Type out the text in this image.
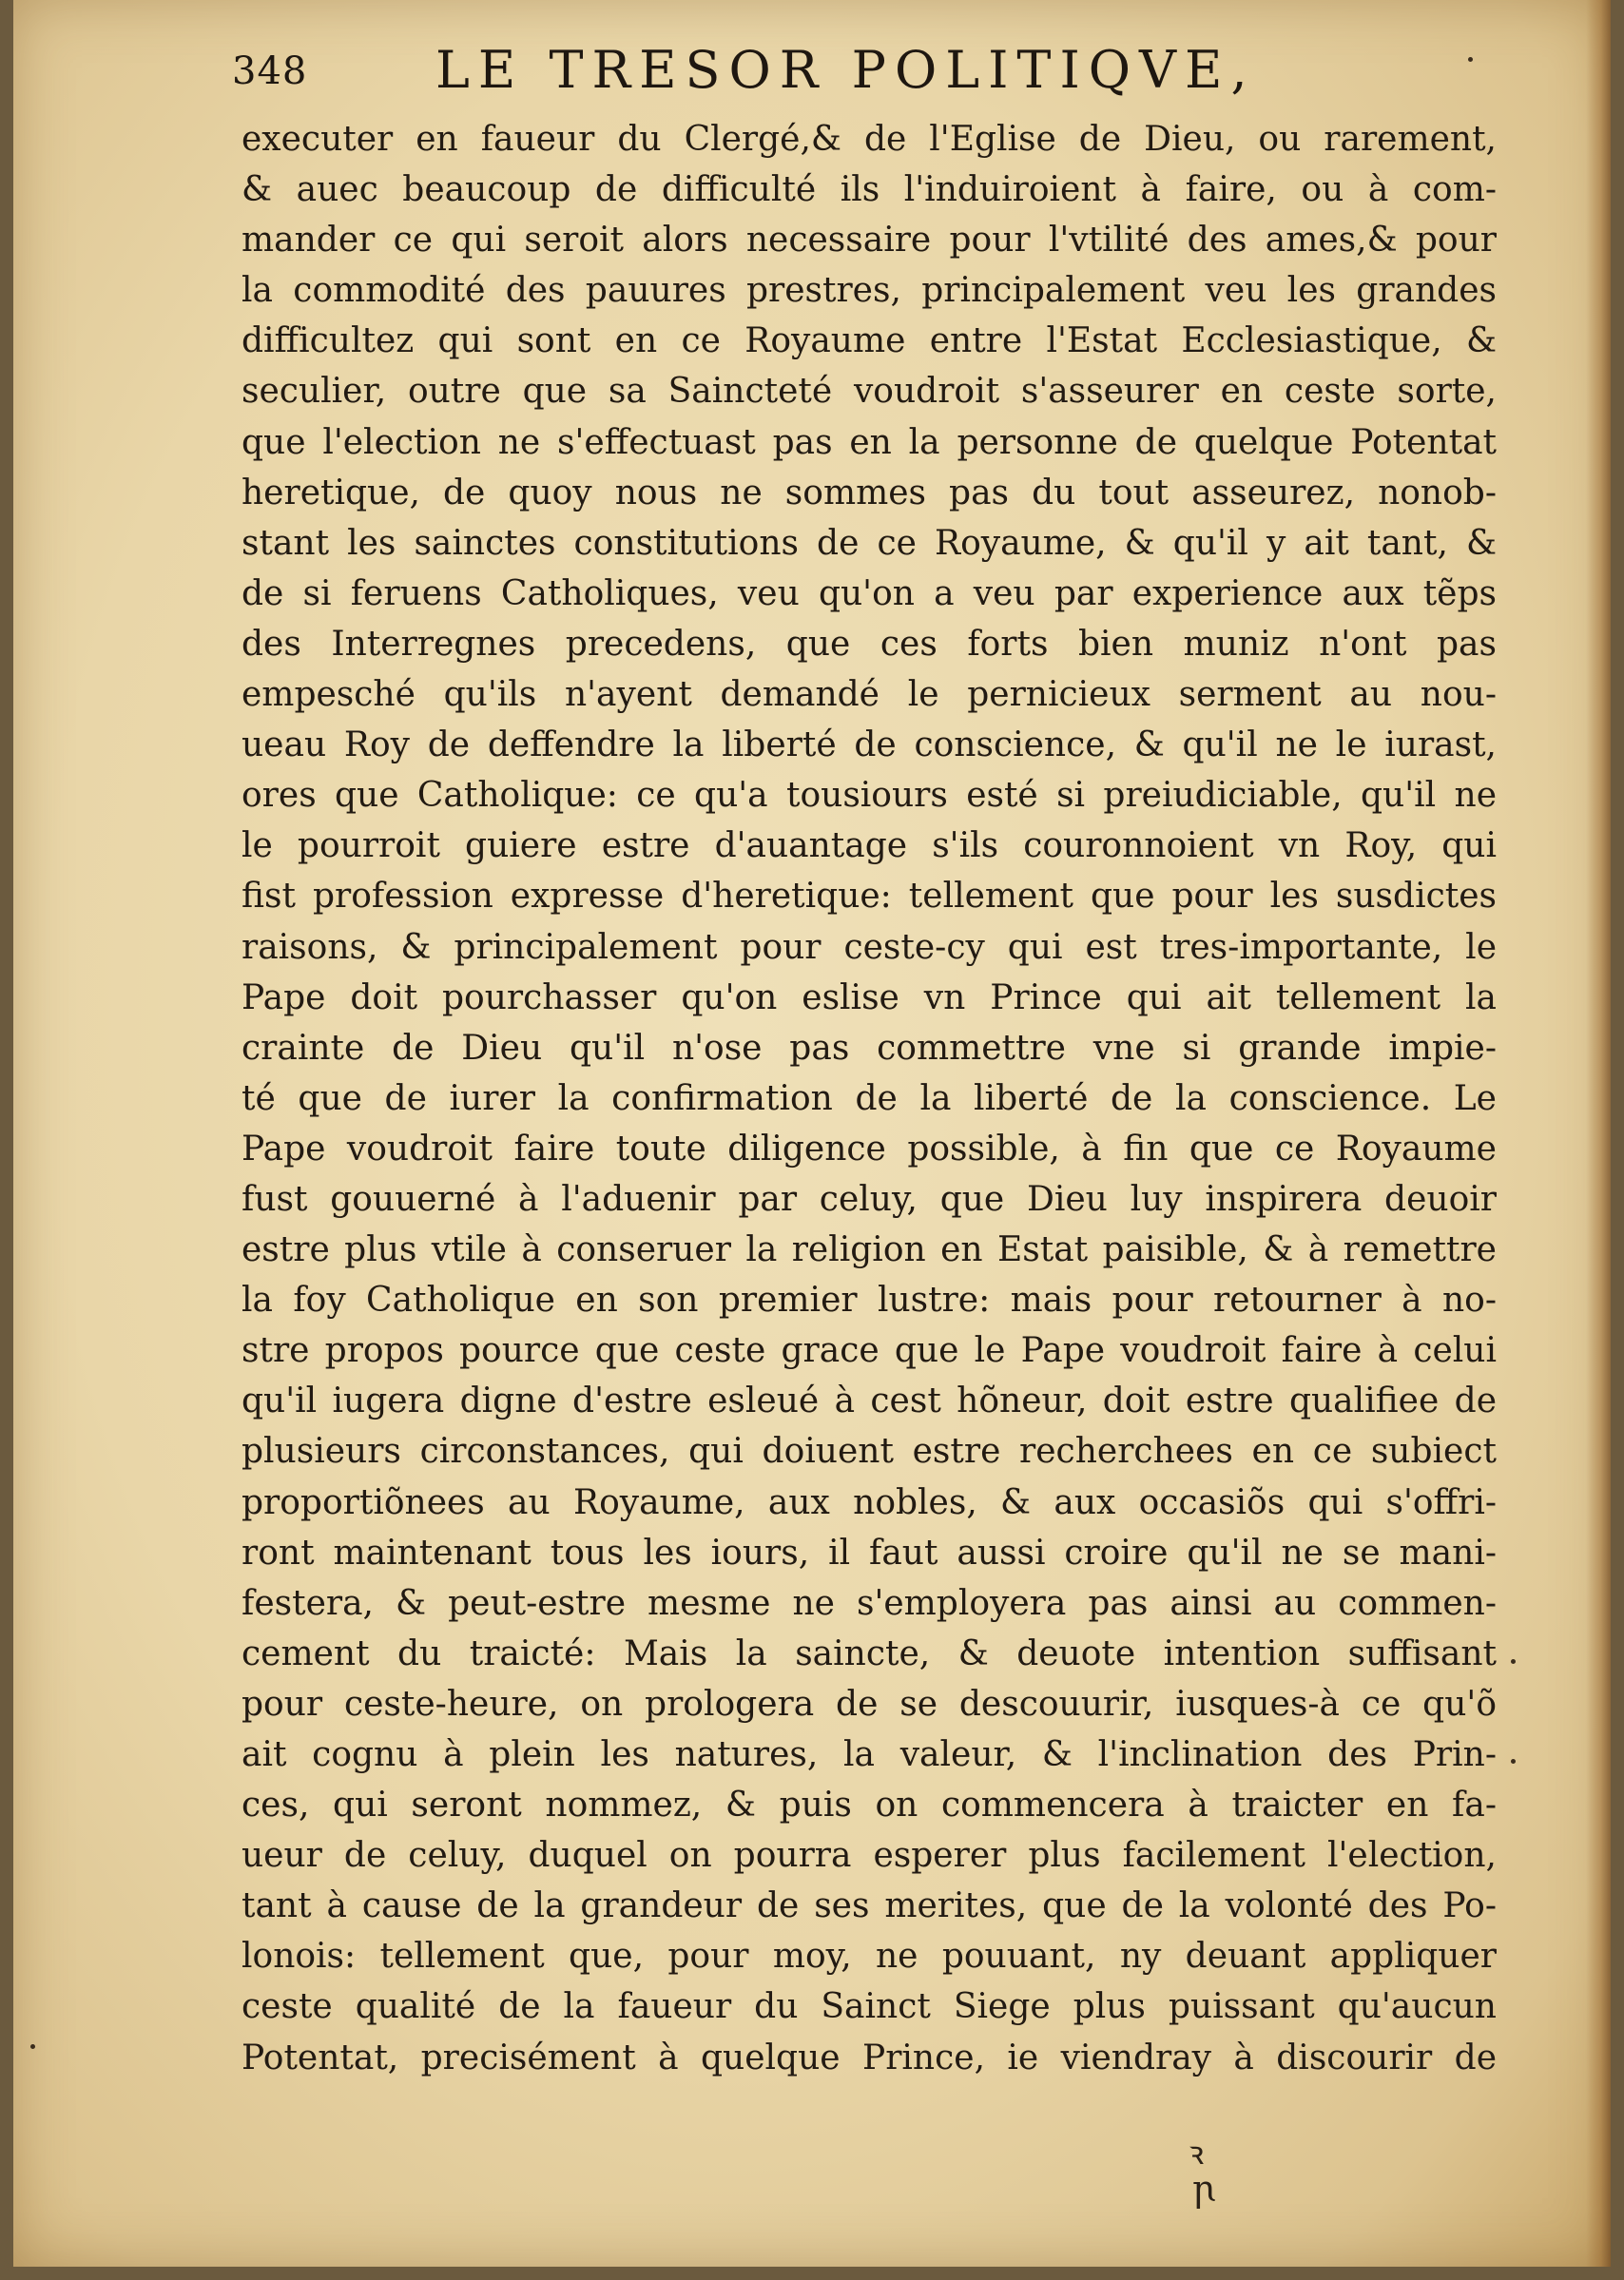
348 LE TRESOR POLITIQVE,
executer en faueur du Clergé,& de l'Eglise de Dieu, ou rarement,
& auec beaucoup de difficulté ils l'induiroient à faire, ou à com-
mander ce qui seroit alors necessaire pour l'vtilité des ames,& pour
la commodité des pauures prestres, principalement veu les grandes
difficultez qui sont en ce Royaume entre l'Estat Ecclesiastique, &
seculier, outre que sa Saincteté voudroit s'asseurer en ceste sorte,
que l'election ne s'effectuast pas en la personne de quelque Potentat
heretique, de quoy nous ne sommes pas du tout asseurez, nonob-
stant les sainctes constitutions de ce Royaume, & qu'il y ait tant, &
de si feruens Catholiques, veu qu'on a veu par experience aux tẽps
des Interregnes precedens, que ces forts bien muniz n'ont pas
empesché qu'ils n'ayent demandé le pernicieux serment au nou-
ueau Roy de deffendre la liberté de conscience, & qu'il ne le iurast,
ores que Catholique: ce qu'a tousiours esté si preiudiciable, qu'il ne
le pourroit guiere estre d'auantage s'ils couronnoient vn Roy, qui
fist profession expresse d'heretique: tellement que pour les susdictes
raisons, & principalement pour ceste-cy qui est tres-importante, le
Pape doit pourchasser qu'on eslise vn Prince qui ait tellement la
crainte de Dieu qu'il n'ose pas commettre vne si grande impie-
té que de iurer la confirmation de la liberté de la conscience. Le
Pape voudroit faire toute diligence possible, à fin que ce Royaume
fust gouuerné à l'aduenir par celuy, que Dieu luy inspirera deuoir
estre plus vtile à conseruer la religion en Estat paisible, & à remettre
la foy Catholique en son premier lustre: mais pour retourner à no-
stre propos pource que ceste grace que le Pape voudroit faire à celui
qu'il iugera digne d'estre esleué à cest hõneur, doit estre qualifiee de
plusieurs circonstances, qui doiuent estre recherchees en ce subiect
proportiõnees au Royaume, aux nobles, & aux occasiõs qui s'offri-
ront maintenant tous les iours, il faut aussi croire qu'il ne se mani-
festera, & peut-estre mesme ne s'employera pas ainsi au commen-
cement du traicté: Mais la saincte, & deuote intention suffisant
pour ceste-heure, on prologera de se descouurir, iusques-à ce qu'õ
ait cognu à plein les natures, la valeur, & l'inclination des Prin-
ces, qui seront nommez, & puis on commencera à traicter en fa-
ueur de celuy, duquel on pourra esperer plus facilement l'election,
tant à cause de la grandeur de ses merites, que de la volonté des Po-
lonois: tellement que, pour moy, ne pouuant, ny deuant appliquer
ceste qualité de la faueur du Sainct Siege plus puissant qu'aucun
Potentat, precisément à quelque Prince, ie viendray à discourir de
ꝛ
ꞃ
